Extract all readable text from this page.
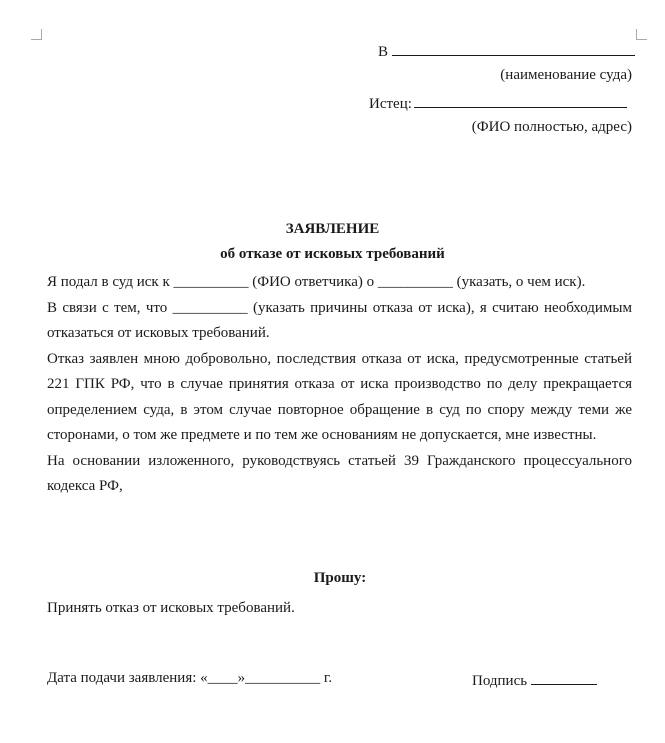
В
(наименование суда)
Истец:
(ФИО полностью, адрес)
ЗАЯВЛЕНИЕ
об отказе от исковых требований

Я подал в суд иск к __________ (ФИО ответчика) о __________ (указать, о чем иск).

В связи с тем, что __________ (указать причины отказа от иска), я считаю необходимым отказаться от исковых требований.

Отказ заявлен мною добровольно, последствия отказа от иска, предусмотренные статьей 221 ГПК РФ, что в случае принятия отказа от иска производство по делу прекращается определением суда, в этом случае повторное обращение в суд по спору между теми же сторонами, о том же предмете и по тем же основаниям не допускается, мне известны.

На основании изложенного, руководствуясь статьей 39 Гражданского процессуального кодекса РФ,

Прошу:
Принять отказ от исковых требований.
Дата подачи заявления: «____»__________ г.	Подпись
